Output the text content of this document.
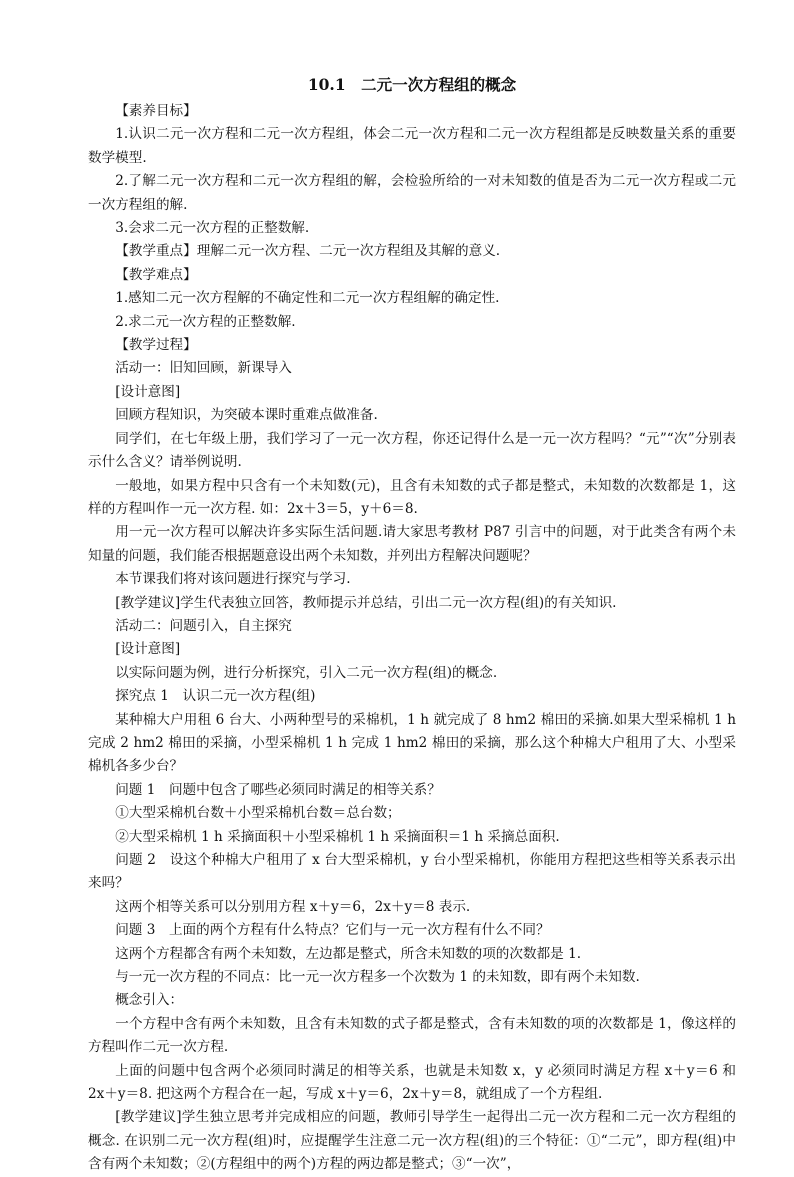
10.1　二元一次方程组的概念

【素养目标】

1.认识二元一次方程和二元一次方程组，体会二元一次方程和二元一次方程组都是反映数量关系的重要数学模型.

2.了解二元一次方程和二元一次方程组的解，会检验所给的一对未知数的值是否为二元一次方程或二元一次方程组的解.

3.会求二元一次方程的正整数解.

【教学重点】理解二元一次方程、二元一次方程组及其解的意义.

【教学难点】

1.感知二元一次方程解的不确定性和二元一次方程组解的确定性.

2.求二元一次方程的正整数解.

【教学过程】

活动一：旧知回顾，新课导入

[设计意图]

回顾方程知识，为突破本课时重难点做准备.

同学们，在七年级上册，我们学习了一元一次方程，你还记得什么是一元一次方程吗？“元”“次”分别表示什么含义？请举例说明.

一般地，如果方程中只含有一个未知数(元)，且含有未知数的式子都是整式，未知数的次数都是 1，这样的方程叫作一元一次方程. 如：2x＋3＝5，y＋6＝8.

用一元一次方程可以解决许多实际生活问题.请大家思考教材 P87 引言中的问题，对于此类含有两个未知量的问题，我们能否根据题意设出两个未知数，并列出方程解决问题呢？

本节课我们将对该问题进行探究与学习.

[教学建议]学生代表独立回答，教师提示并总结，引出二元一次方程(组)的有关知识.

活动二：问题引入，自主探究

[设计意图]

以实际问题为例，进行分析探究，引入二元一次方程(组)的概念.

探究点 1　认识二元一次方程(组)

某种棉大户用租 6 台大、小两种型号的采棉机，1 h 就完成了 8 hm2 棉田的采摘.如果大型采棉机 1 h 完成 2 hm2 棉田的采摘，小型采棉机 1 h 完成 1 hm2 棉田的采摘，那么这个种棉大户租用了大、小型采棉机各多少台？

问题 1　问题中包含了哪些必须同时满足的相等关系？

①大型采棉机台数＋小型采棉机台数＝总台数；

②大型采棉机 1 h 采摘面积＋小型采棉机 1 h 采摘面积＝1 h 采摘总面积.

问题 2　设这个种棉大户租用了 x 台大型采棉机，y 台小型采棉机，你能用方程把这些相等关系表示出来吗？

这两个相等关系可以分别用方程 x＋y＝6，2x＋y＝8 表示.

问题 3　上面的两个方程有什么特点？它们与一元一次方程有什么不同？

这两个方程都含有两个未知数，左边都是整式，所含未知数的项的次数都是 1.

与一元一次方程的不同点：比一元一次方程多一个次数为 1 的未知数，即有两个未知数.

概念引入：

一个方程中含有两个未知数，且含有未知数的式子都是整式，含有未知数的项的次数都是 1，像这样的方程叫作二元一次方程.

上面的问题中包含两个必须同时满足的相等关系，也就是未知数 x，y 必须同时满足方程 x＋y＝6 和 2x＋y＝8. 把这两个方程合在一起，写成 x＋y＝6，2x＋y＝8，就组成了一个方程组.

[教学建议]学生独立思考并完成相应的问题，教师引导学生一起得出二元一次方程和二元一次方程组的概念. 在识别二元一次方程(组)时，应提醒学生注意二元一次方程(组)的三个特征：①“二元”，即方程(组)中含有两个未知数；②(方程组中的两个)方程的两边都是整式；③“一次”，
